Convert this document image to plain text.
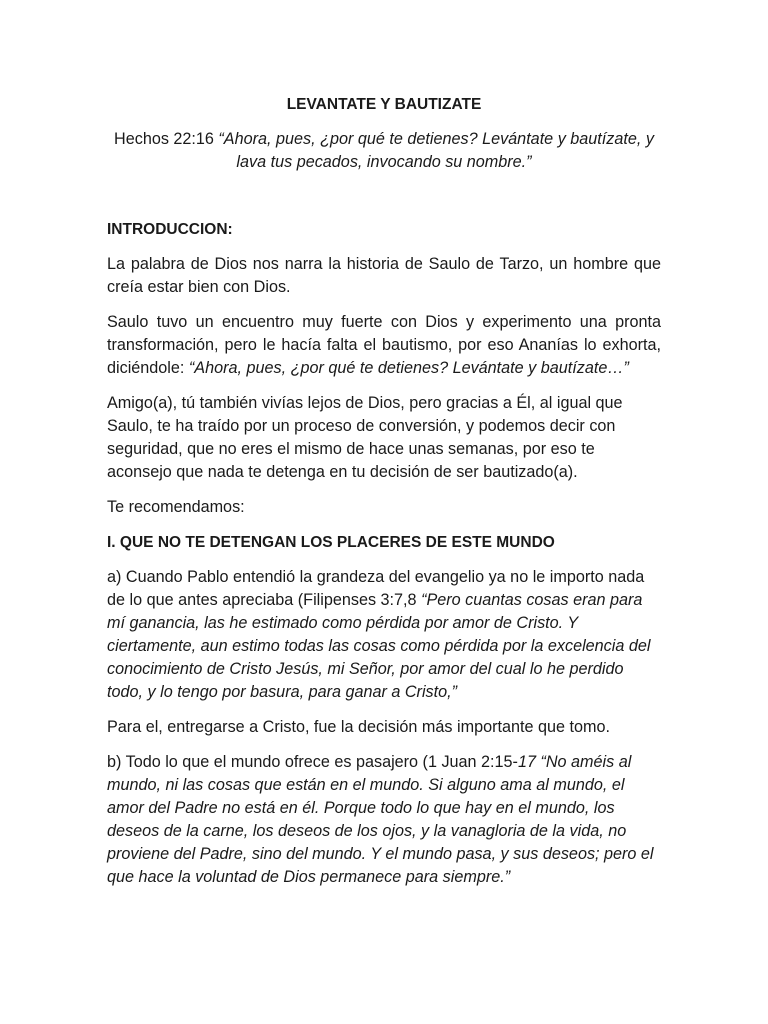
LEVANTATE Y BAUTIZATE

Hechos 22:16 “Ahora, pues, ¿por qué te detienes? Levántate y bautízate, y lava tus pecados, invocando su nombre.”

INTRODUCCION:

La palabra de Dios nos narra la historia de Saulo de Tarzo, un hombre que creía estar bien con Dios.

Saulo tuvo un encuentro muy fuerte con Dios y experimento una pronta transformación, pero le hacía falta el bautismo, por eso Ananías lo exhorta, diciéndole: “Ahora, pues, ¿por qué te detienes? Levántate y bautízate…”

Amigo(a), tú también vivías lejos de Dios, pero gracias a Él, al igual que Saulo, te ha traído por un proceso de conversión, y podemos decir con seguridad, que no eres el mismo de hace unas semanas, por eso te aconsejo que nada te detenga en tu decisión de ser bautizado(a).

Te recomendamos:

I. QUE NO TE DETENGAN LOS PLACERES DE ESTE MUNDO

a) Cuando Pablo entendió la grandeza del evangelio ya no le importo nada de lo que antes apreciaba (Filipenses 3:7,8 “Pero cuantas cosas eran para mí ganancia, las he estimado como pérdida por amor de Cristo. Y ciertamente, aun estimo todas las cosas como pérdida por la excelencia del conocimiento de Cristo Jesús, mi Señor, por amor del cual lo he perdido todo, y lo tengo por basura, para ganar a Cristo,”

Para el, entregarse a Cristo, fue la decisión más importante que tomo.

b) Todo lo que el mundo ofrece es pasajero (1 Juan 2:15-17 “No améis al mundo, ni las cosas que están en el mundo. Si alguno ama al mundo, el amor del Padre no está en él. Porque todo lo que hay en el mundo, los deseos de la carne, los deseos de los ojos, y la vanagloria de la vida, no proviene del Padre, sino del mundo. Y el mundo pasa, y sus deseos; pero el que hace la voluntad de Dios permanece para siempre.”
